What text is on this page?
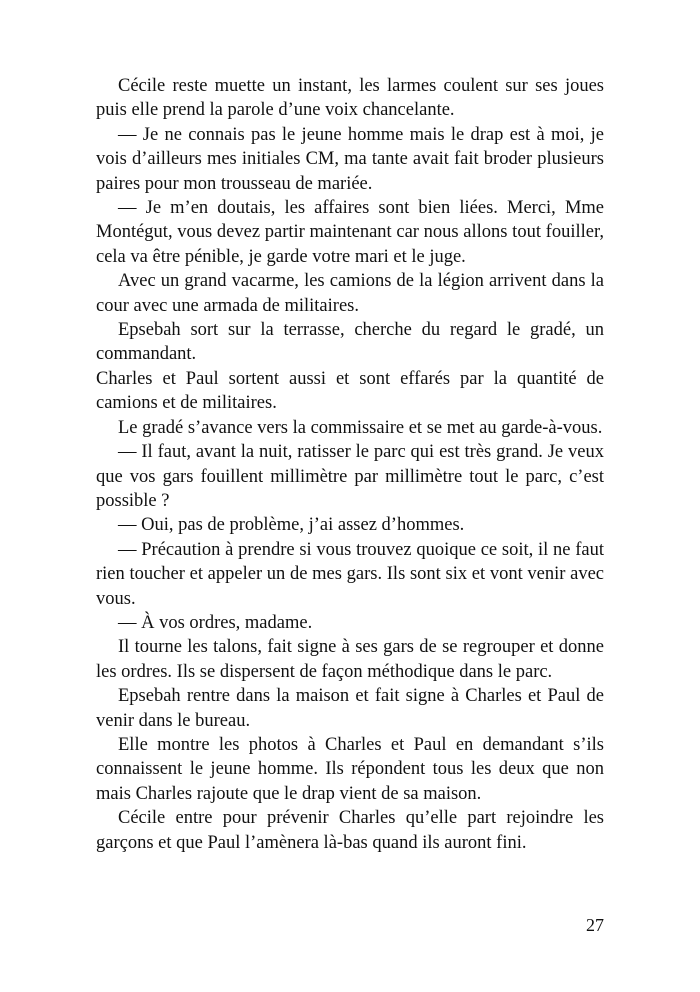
Cécile reste muette un instant, les larmes coulent sur ses joues puis elle prend la parole d’une voix chancelante.

— Je ne connais pas le jeune homme mais le drap est à moi, je vois d’ailleurs mes initiales CM, ma tante avait fait broder plusieurs paires pour mon trousseau de mariée.

— Je m’en doutais, les affaires sont bien liées. Merci, Mme Montégut, vous devez partir maintenant car nous allons tout fouiller, cela va être pénible, je garde votre mari et le juge.

Avec un grand vacarme, les camions de la légion arrivent dans la cour avec une armada de militaires.

Epsebah sort sur la terrasse, cherche du regard le gradé, un commandant.

Charles et Paul sortent aussi et sont effarés par la quantité de camions et de militaires.

Le gradé s’avance vers la commissaire et se met au garde-à-vous.

— Il faut, avant la nuit, ratisser le parc qui est très grand. Je veux que vos gars fouillent millimètre par millimètre tout le parc, c’est possible ?

— Oui, pas de problème, j’ai assez d’hommes.

— Précaution à prendre si vous trouvez quoique ce soit, il ne faut rien toucher et appeler un de mes gars. Ils sont six et vont venir avec vous.

— À vos ordres, madame.

Il tourne les talons, fait signe à ses gars de se regrouper et donne les ordres. Ils se dispersent de façon méthodique dans le parc.

Epsebah rentre dans la maison et fait signe à Charles et Paul de venir dans le bureau.

Elle montre les photos à Charles et Paul en demandant s’ils connaissent le jeune homme. Ils répondent tous les deux que non mais Charles rajoute que le drap vient de sa maison.

Cécile entre pour prévenir Charles qu’elle part rejoindre les garçons et que Paul l’amènera là-bas quand ils auront fini.

27
